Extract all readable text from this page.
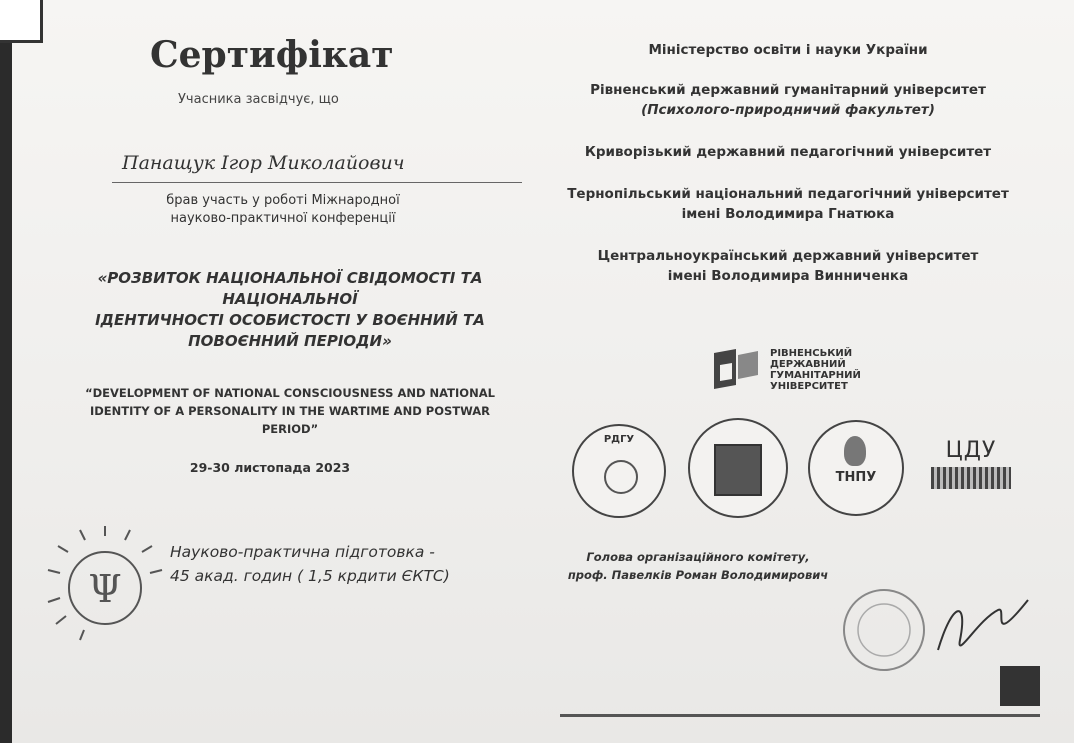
Сертифікат
Учасника засвідчує, що
Панащук Ігор Миколайович
брав участь у роботі Міжнародної
науково-практичної конференції
«РОЗВИТОК НАЦІОНАЛЬНОЇ СВІДОМОСТІ ТА
НАЦІОНАЛЬНОЇ
ІДЕНТИЧНОСТІ ОСОБИСТОСТІ У ВОЄННИЙ ТА
ПОВОЄННИЙ ПЕРІОДИ»
“DEVELOPMENT OF NATIONAL CONSCIOUSNESS AND NATIONAL
IDENTITY OF A PERSONALITY IN THE WARTIME AND POSTWAR
PERIOD”
29-30 листопада 2023
Ψ
Науково-практична підготовка -
45 акад. годин ( 1,5 крдити ЄКТС)
Міністерство освіти і науки України
Рівненський державний гуманітарний університет
(Психолого-природничий факультет)
Криворізький державний педагогічний університет
Тернопільський національний педагогічний університет
імені Володимира Гнатюка
Центральноукраїнський державний університет
імені Володимира Винниченка
РІВНЕНСЬКИЙ
ДЕРЖАВНИЙ
ГУМАНІТАРНИЙ
УНІВЕРСИТЕТ
РДГУ
ТНПУ
ЦДУ
Голова організаційного комітету,
проф. Павелків Роман Володимирович
